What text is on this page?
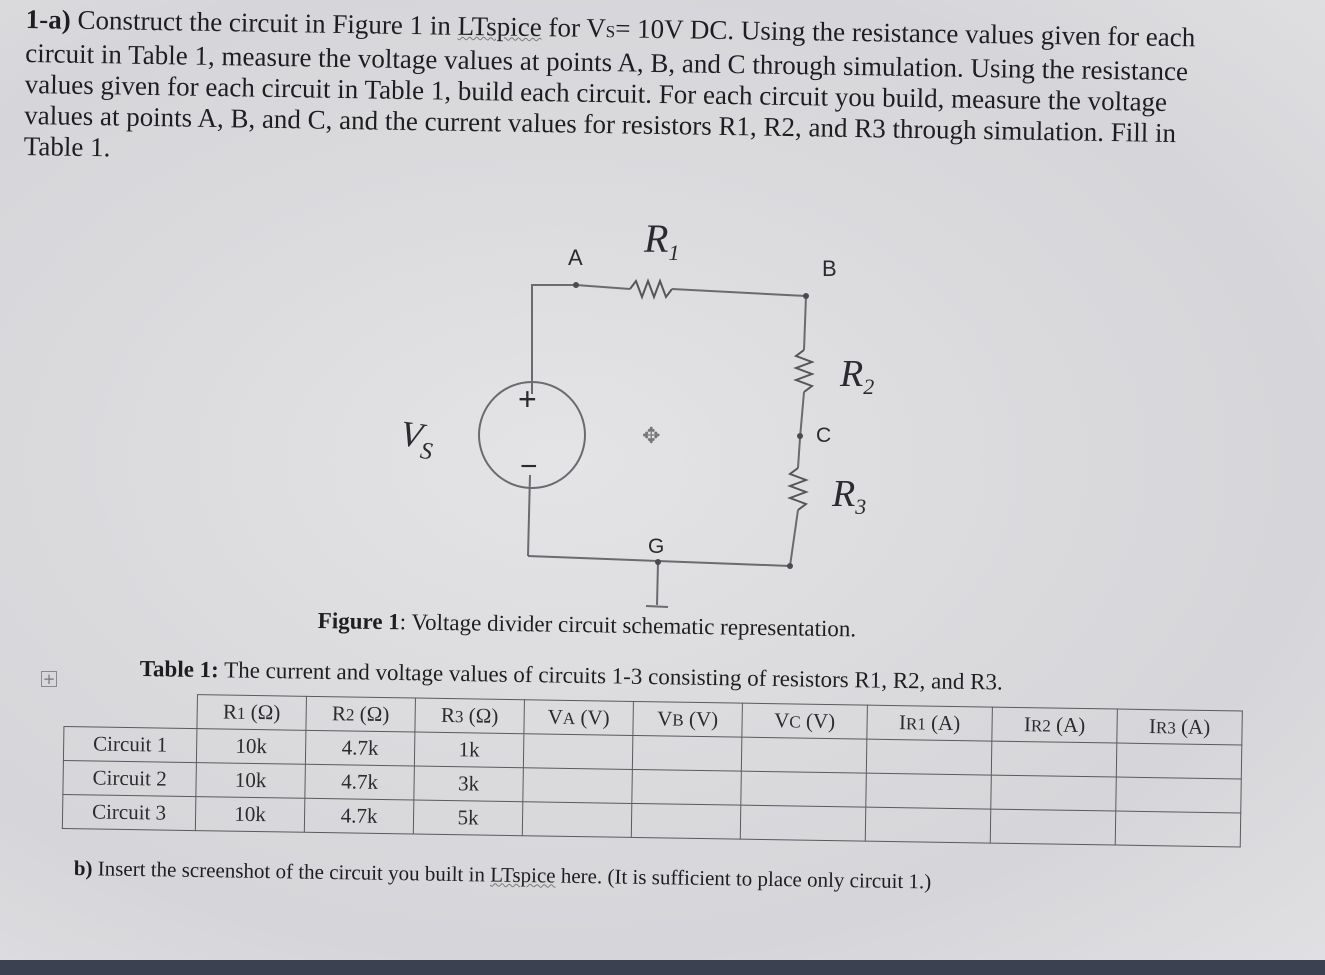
1-a) Construct the circuit in Figure 1 in LTspice for VS= 10V DC. Using the resistance values given for each circuit in Table 1, measure the voltage values at points A, B, and C through simulation. Using the resistance values given for each circuit in Table 1, build each circuit. For each circuit you build, measure the voltage values at points A, B, and C, and the current values for resistors R1, R2, and R3 through simulation. Fill in Table 1.
+
−
$V_S$
A	B
C
G
$R_1$
$R_2$
$R_3$
✥
Figure 1: Voltage divider circuit schematic representation.
Table 1: The current and voltage values of circuits 1-3 consisting of resistors R1, R2, and R3.
+
	R1 (Ω)	R2 (Ω)	R3 (Ω)	VA (V)	VB (V)	VC (V)	IR1 (A)	IR2 (A)	IR3 (A)
Circuit 1	10k	4.7k	1k						
Circuit 2	10k	4.7k	3k						
Circuit 3	10k	4.7k	5k						
b) Insert the screenshot of the circuit you built in LTspice here. (It is sufficient to place only circuit 1.)
